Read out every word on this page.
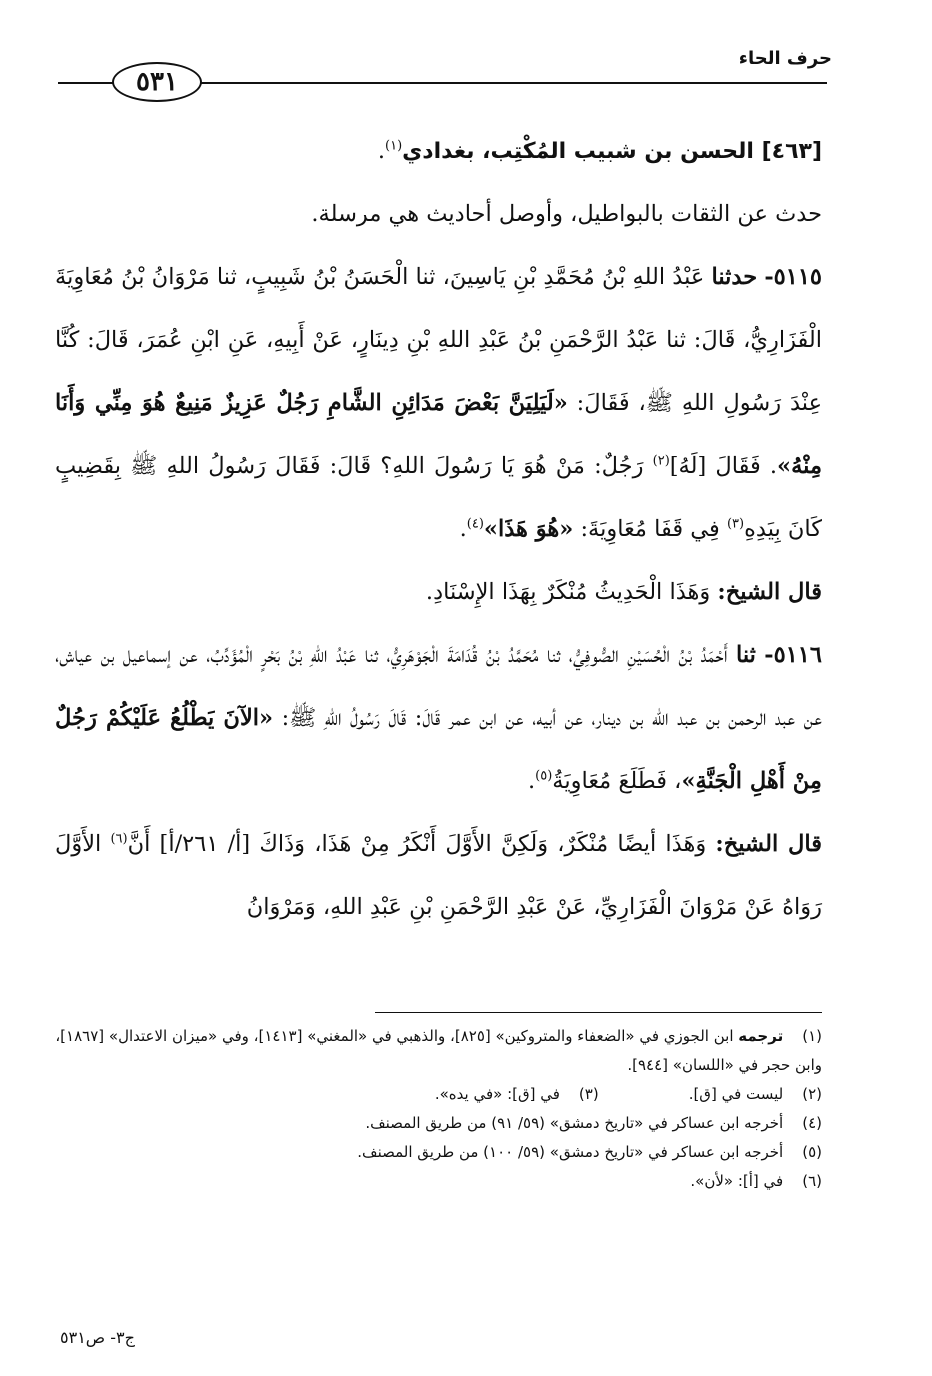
حرف الحاء
٥٣١

[٤٦٣] الحسن بن شبيب المُكْتِب، بغدادي$^{(١)}$.

حدث عن الثقات بالبواطيل، وأوصل أحاديث هي مرسلة.

٥١١٥- حدثنا عَبْدُ اللهِ بْنُ مُحَمَّدِ بْنِ يَاسِينَ، ثنا الْحَسَنُ بْنُ شَبِيبٍ، ثنا مَرْوَانُ بْنُ مُعَاوِيَةَ الْفَزَارِيُّ، قَالَ: ثنا عَبْدُ الرَّحْمَنِ بْنُ عَبْدِ اللهِ بْنِ دِينَارٍ، عَنْ أَبِيهِ، عَنِ ابْنِ عُمَرَ، قَالَ: كُنَّا عِنْدَ رَسُولِ اللهِ ﷺ، فَقَالَ: «لَيَلِيَنَّ بَعْضَ مَدَائِنِ الشَّامِ رَجُلٌ عَزِيزٌ مَنِيعٌ هُوَ مِنِّي وَأَنَا مِنْهُ». فَقَالَ [لَهُ]$^{(٢)}$ رَجُلٌ: مَنْ هُوَ يَا رَسُولَ اللهِ؟ قَالَ: فَقَالَ رَسُولُ اللهِ ﷺ بِقَضِيبٍ كَانَ بِيَدِهِ$^{(٣)}$ فِي قَفَا مُعَاوِيَةَ: «هُوَ هَذَا»$^{(٤)}$.

قال الشيخ: وَهَذَا الْحَدِيثُ مُنْكَرٌ بِهَذَا الإِسْنَادِ.

٥١١٦- ثنا أَحْمَدُ بْنُ الْحُسَيْنِ الصُّوفِيُّ، ثنا مُحَمَّدُ بْنُ قُدَامَةَ الْجَوْهَرِيُّ، ثنا عَبْدُ اللهِ بْنُ بَحْرٍ الْمُؤَدِّبُ، عن إسماعيل بن عياش، عن عبد الرحمن بن عبد الله بن دينار، عن أبيه، عن ابن عمر قَالَ: قَالَ رَسُولُ اللهِ ﷺ: «الآنَ يَطْلُعُ عَلَيْكُمْ رَجُلٌ مِنْ أَهْلِ الْجَنَّةِ»، فَطَلَعَ مُعَاوِيَةُ$^{(٥)}$.

قال الشيخ: وَهَذَا أيضًا مُنْكَرٌ، وَلَكِنَّ الأَوَّلَ أَنْكَرُ مِنْ هَذَا، وَذَاكَ [أ/ ٢٦١/أ] أَنَّ$^{(٦)}$ الأَوَّلَ رَوَاهُ عَنْ مَرْوَانَ الْفَزَارِيِّ، عَنْ عَبْدِ الرَّحْمَنِ بْنِ عَبْدِ اللهِ، وَمَرْوَانُ

(١) ترجمه ابن الجوزي في «الضعفاء والمتروكين» [٨٢٥]، والذهبي في «المغني» [١٤١٣]، وفي «ميزان الاعتدال» [١٨٦٧]، وابن حجر في «اللسان» [٩٤٤].

(٢) ليست في [ق].

(٣) في [ق]: «في يده».

(٤) أخرجه ابن عساكر في «تاريخ دمشق» (٥٩/ ٩١) من طريق المصنف.

(٥) أخرجه ابن عساكر في «تاريخ دمشق» (٥٩/ ١٠٠) من طريق المصنف.

(٦) في [أ]: «لأن».

ج٣- ص٥٣١
